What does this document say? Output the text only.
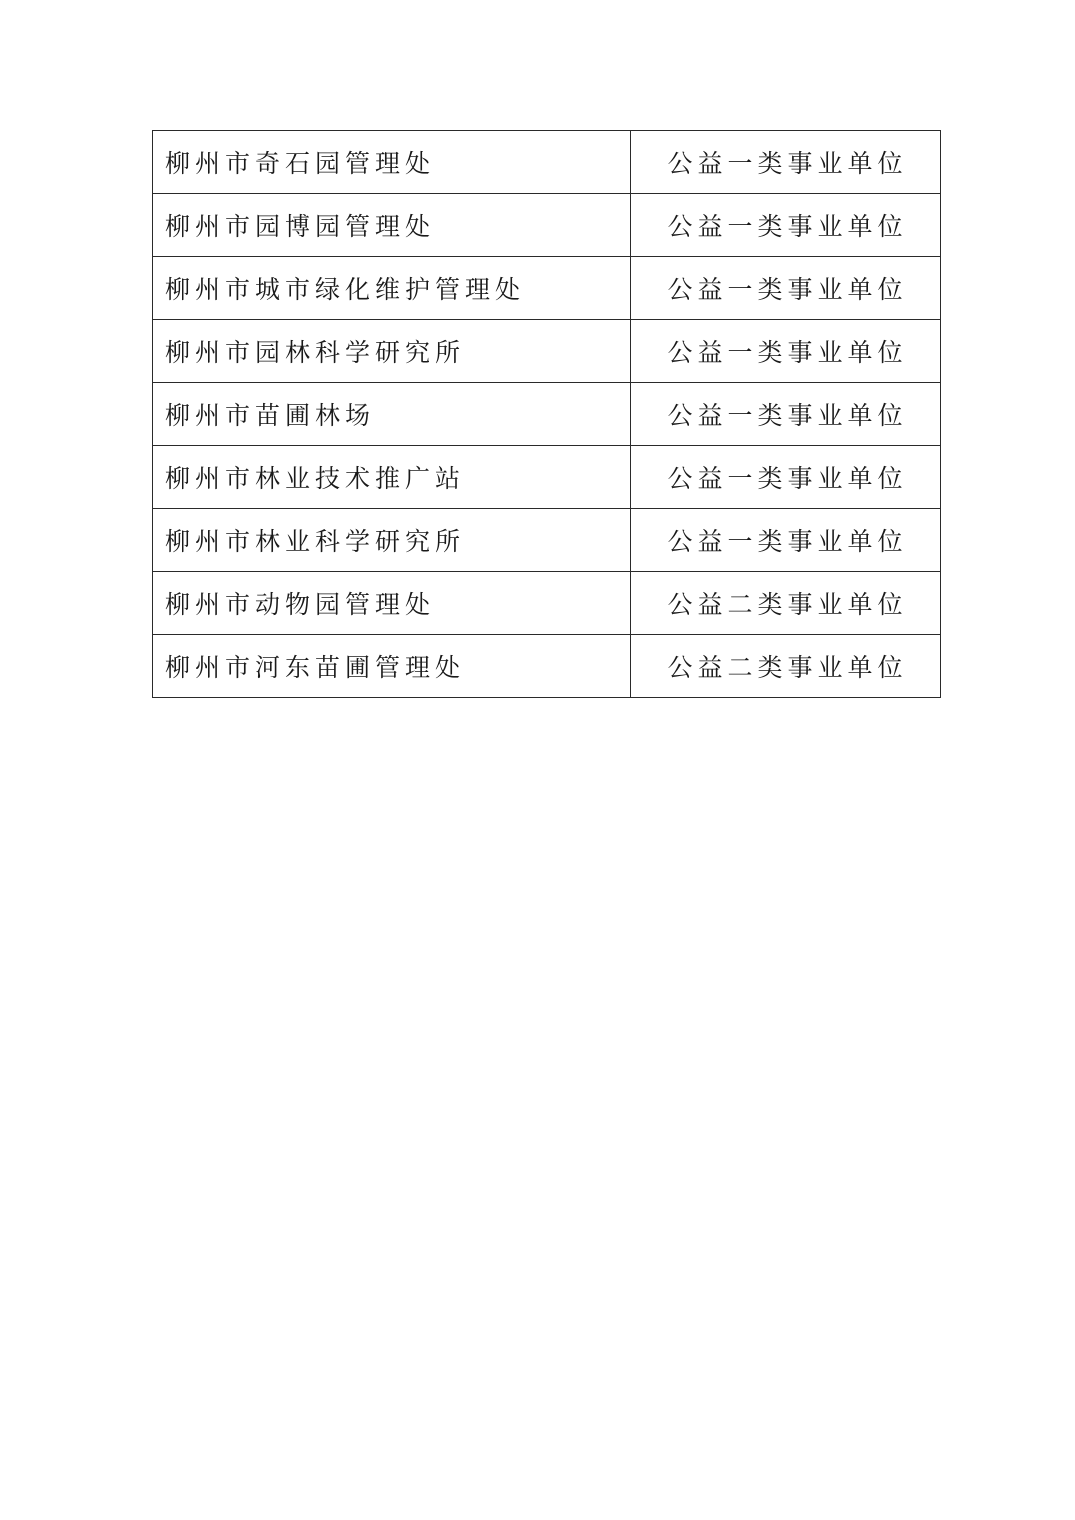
柳州市奇石园管理处	公益一类事业单位
柳州市园博园管理处	公益一类事业单位
柳州市城市绿化维护管理处	公益一类事业单位
柳州市园林科学研究所	公益一类事业单位
柳州市苗圃林场	公益一类事业单位
柳州市林业技术推广站	公益一类事业单位
柳州市林业科学研究所	公益一类事业单位
柳州市动物园管理处	公益二类事业单位
柳州市河东苗圃管理处	公益二类事业单位
